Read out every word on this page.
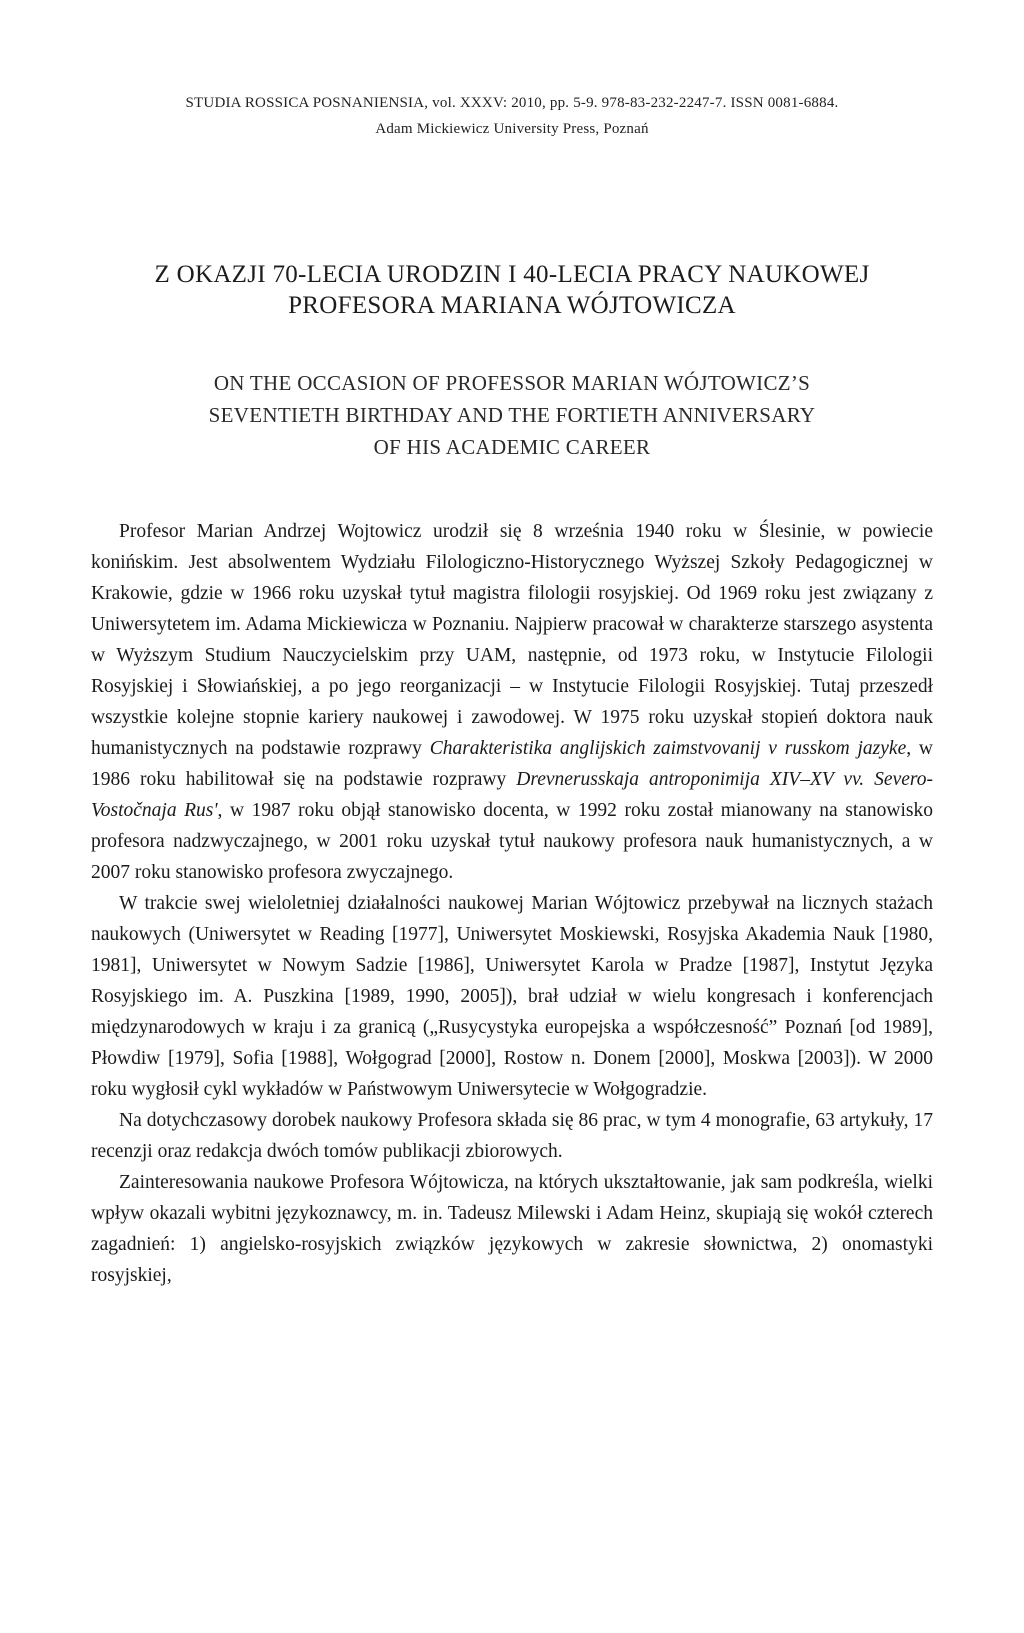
STUDIA ROSSICA POSNANIENSIA, vol. XXXV: 2010, pp. 5-9. 978-83-232-2247-7. ISSN 0081-6884.
Adam Mickiewicz University Press, Poznań
Z OKAZJI 70-LECIA URODZIN I 40-LECIA PRACY NAUKOWEJ
PROFESORA MARIANA WÓJTOWICZA
ON THE OCCASION OF PROFESSOR MARIAN WÓJTOWICZ’S
SEVENTIETH BIRTHDAY AND THE FORTIETH ANNIVERSARY
OF HIS ACADEMIC CAREER

Profesor Marian Andrzej Wojtowicz urodził się 8 września 1940 roku w Ślesinie, w powiecie konińskim. Jest absolwentem Wydziału Filologiczno-Historycznego Wyższej Szkoły Pedagogicznej w Krakowie, gdzie w 1966 roku uzyskał tytuł magistra filologii rosyjskiej. Od 1969 roku jest związany z Uniwersytetem im. Adama Mickiewicza w Poznaniu. Najpierw pracował w charakterze starszego asystenta w Wyższym Studium Nauczycielskim przy UAM, następnie, od 1973 roku, w Instytucie Filologii Rosyjskiej i Słowiańskiej, a po jego reorganizacji – w Instytucie Filologii Rosyjskiej. Tutaj przeszedł wszystkie kolejne stopnie kariery naukowej i zawodowej. W 1975 roku uzyskał stopień doktora nauk humanistycznych na podstawie rozprawy Charakteristika anglijskich zaimstvovanij v russkom jazyke, w 1986 roku habilitował się na podstawie rozprawy Drevnerusskaja antroponimija XIV–XV vv. Severo-Vostočnaja Rus', w 1987 roku objął stanowisko docenta, w 1992 roku został mianowany na stanowisko profesora nadzwyczajnego, w 2001 roku uzyskał tytuł naukowy profesora nauk humanistycznych, a w 2007 roku stanowisko profesora zwyczajnego.

W trakcie swej wieloletniej działalności naukowej Marian Wójtowicz przebywał na licznych stażach naukowych (Uniwersytet w Reading [1977], Uniwersytet Moskiewski, Rosyjska Akademia Nauk [1980, 1981], Uniwersytet w Nowym Sadzie [1986], Uniwersytet Karola w Pradze [1987], Instytut Języka Rosyjskiego im. A. Puszkina [1989, 1990, 2005]), brał udział w wielu kongresach i konferencjach międzynarodowych w kraju i za granicą („Rusycystyka europejska a współczesność” Poznań [od 1989], Płowdiw [1979], Sofia [1988], Wołgograd [2000], Rostow n. Donem [2000], Moskwa [2003]). W 2000 roku wygłosił cykl wykładów w Państwowym Uniwersytecie w Wołgogradzie.

Na dotychczasowy dorobek naukowy Profesora składa się 86 prac, w tym 4 monografie, 63 artykuły, 17 recenzji oraz redakcja dwóch tomów publikacji zbiorowych.

Zainteresowania naukowe Profesora Wójtowicza, na których ukształtowanie, jak sam podkreśla, wielki wpływ okazali wybitni językoznawcy, m. in. Tadeusz Milewski i Adam Heinz, skupiają się wokół czterech zagadnień: 1) angielsko-rosyjskich związków językowych w zakresie słownictwa, 2) onomastyki rosyjskiej,
